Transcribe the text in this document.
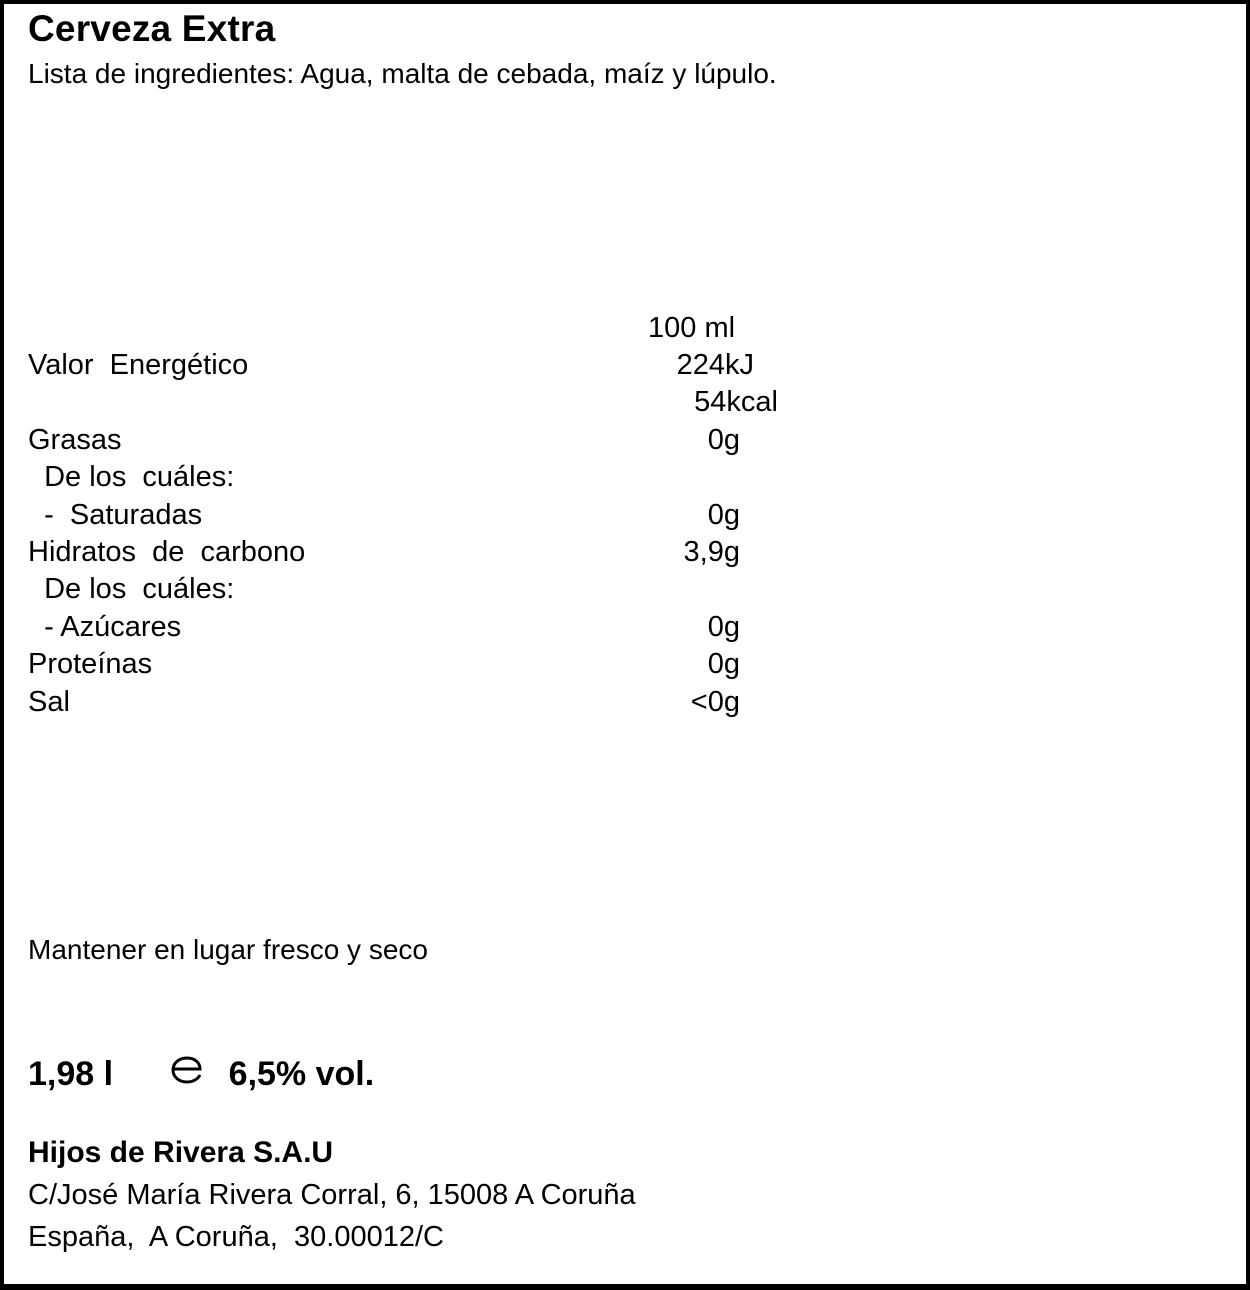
Cerveza Extra
Lista de ingredientes: Agua, malta de cebada, maíz y lúpulo.
100 ml
Valor  Energético	224kJ
54kcal
Grasas	0g
De los  cuáles:
-  Saturadas	0g
Hidratos  de  carbono	3,9g
De los  cuáles:
- Azúcares	0g
Proteínas	0g
Sal	<0g
Mantener en lugar fresco y seco
1,98 l

	6,5% vol.
Hijos de Rivera S.A.U
C/José María Rivera Corral, 6, 15008 A Coruña
España,  A Coruña,  30.00012/C
